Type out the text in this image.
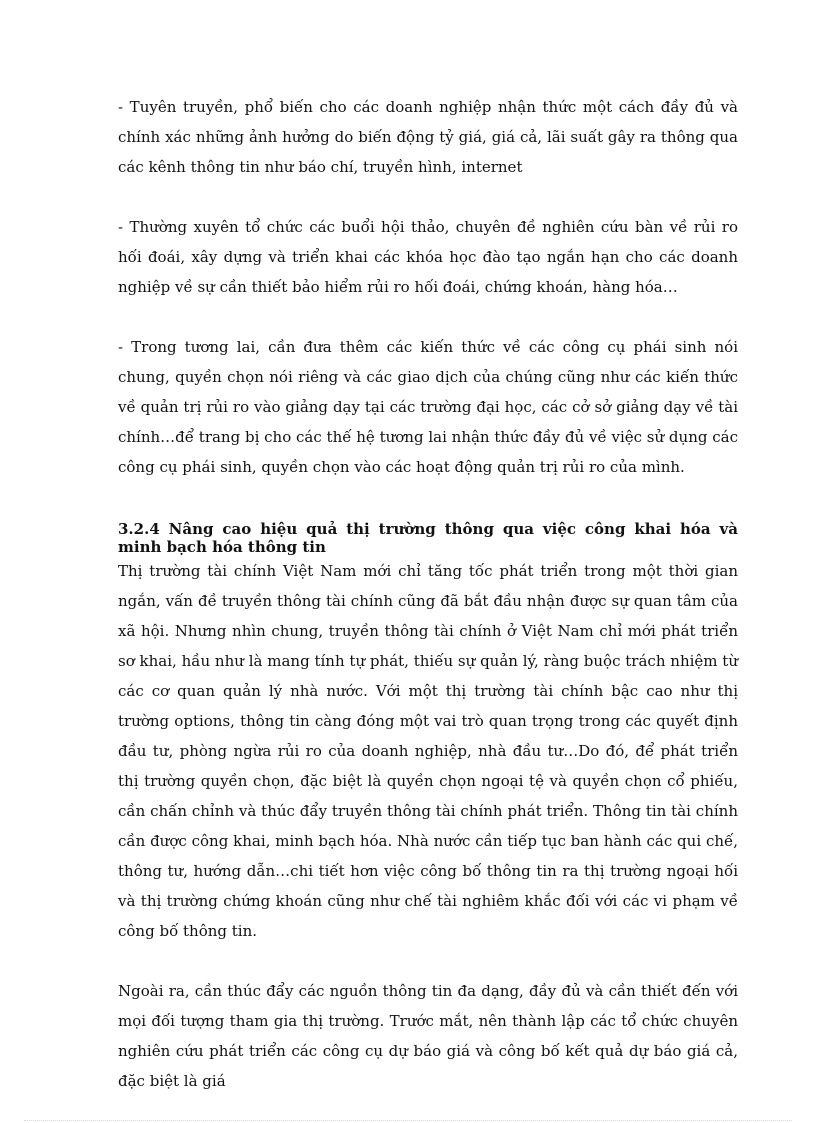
- Tuyên truyền, phổ biến cho các doanh nghiệp nhận thức một cách đầy đủ và chính xác những ảnh hưởng do biến động tỷ giá, giá cả, lãi suất gây ra thông qua các kênh thông tin như báo chí, truyền hình, internet

- Thường xuyên tổ chức các buổi hội thảo, chuyên đề nghiên cứu bàn về rủi ro hối đoái, xây dựng và triển khai các khóa học đào tạo ngắn hạn cho các doanh nghiệp về sự cần thiết bảo hiểm rủi ro hối đoái, chứng khoán, hàng hóa…

- Trong tương lai, cần đưa thêm các kiến thức về các công cụ phái sinh nói chung, quyền chọn nói riêng và các giao dịch của chúng cũng như các kiến thức về quản trị rủi ro vào giảng dạy tại các trường đại học, các cở sở giảng dạy về tài chính…để trang bị cho các thế hệ tương lai nhận thức đầy đủ về việc sử dụng các công cụ phái sinh, quyền chọn vào các hoạt động quản trị rủi ro của mình.

3.2.4 Nâng cao hiệu quả thị trường thông qua việc công khai hóa và minh bạch hóa thông tin

Thị trường tài chính Việt Nam mới chỉ tăng tốc phát triển trong một thời gian ngắn, vấn đề truyền thông tài chính cũng đã bắt đầu nhận được sự quan tâm của xã hội. Nhưng nhìn chung, truyền thông tài chính ở Việt Nam chỉ mới phát triển sơ khai, hầu như là mang tính tự phát, thiếu sự quản lý, ràng buộc trách nhiệm từ các cơ quan quản lý nhà nước. Với một thị trường tài chính bậc cao như thị trường options, thông tin càng đóng một vai trò quan trọng trong các quyết định đầu tư, phòng ngừa rủi ro của doanh nghiệp, nhà đầu tư…Do đó, để phát triển thị trường quyền chọn, đặc biệt là quyền chọn ngoại tệ và quyền chọn cổ phiếu, cần chấn chỉnh và thúc đẩy truyền thông tài chính phát triển. Thông tin tài chính cần được công khai, minh bạch hóa. Nhà nước cần tiếp tục ban hành các qui chế, thông tư, hướng dẫn…chi tiết hơn việc công bố thông tin ra thị trường ngoại hối và thị trường chứng khoán cũng như chế tài nghiêm khắc đối với các vi phạm về công bố thông tin.

Ngoài ra, cần thúc đẩy các nguồn thông tin đa dạng, đầy đủ và cần thiết đến với mọi đối tượng tham gia thị trường. Trước mắt, nên thành lập các tổ chức chuyên nghiên cứu phát triển các công cụ dự báo giá và công bố kết quả dự báo giá cả, đặc biệt là giá
